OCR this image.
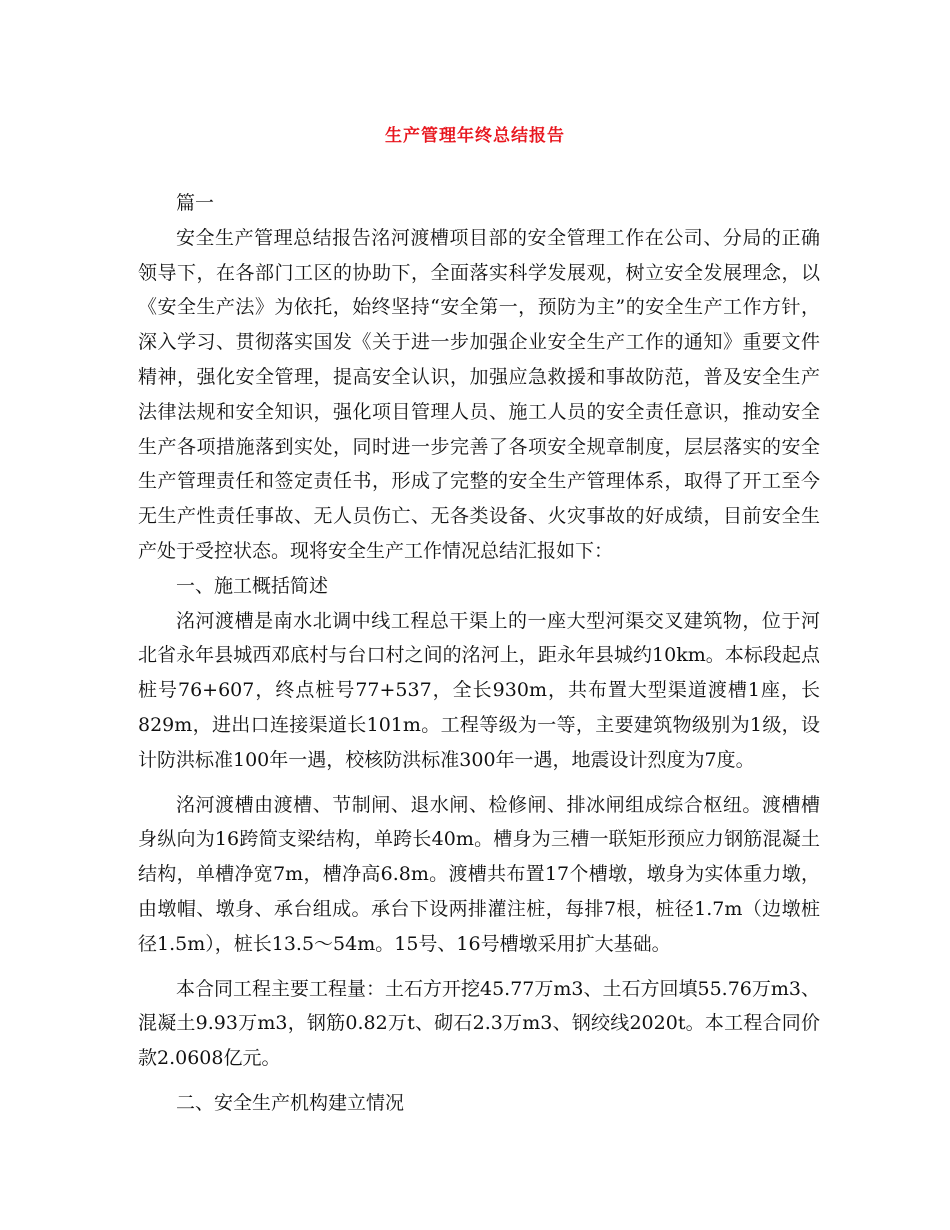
生产管理年终总结报告

篇一

安全生产管理总结报告洺河渡槽项目部的安全管理工作在公司、分局的正确领导下，在各部门工区的协助下，全面落实科学发展观，树立安全发展理念，以《安全生产法》为依托，始终坚持“安全第一，预防为主”的安全生产工作方针，深入学习、贯彻落实国发《关于进一步加强企业安全生产工作的通知》重要文件精神，强化安全管理，提高安全认识，加强应急救援和事故防范，普及安全生产法律法规和安全知识，强化项目管理人员、施工人员的安全责任意识，推动安全生产各项措施落到实处，同时进一步完善了各项安全规章制度，层层落实的安全生产管理责任和签定责任书，形成了完整的安全生产管理体系，取得了开工至今无生产性责任事故、无人员伤亡、无各类设备、火灾事故的好成绩，目前安全生产处于受控状态。现将安全生产工作情况总结汇报如下：

一、施工概括简述

洺河渡槽是南水北调中线工程总干渠上的一座大型河渠交叉建筑物，位于河北省永年县城西邓底村与台口村之间的洺河上，距永年县城约10km。本标段起点桩号76+607，终点桩号77+537，全长930m，共布置大型渠道渡槽1座，长829m，进出口连接渠道长101m。工程等级为一等，主要建筑物级别为1级，设计防洪标准100年一遇，校核防洪标准300年一遇，地震设计烈度为7度。

洺河渡槽由渡槽、节制闸、退水闸、检修闸、排冰闸组成综合枢纽。渡槽槽身纵向为16跨简支梁结构，单跨长40m。槽身为三槽一联矩形预应力钢筋混凝土结构，单槽净宽7m，槽净高6.8m。渡槽共布置17个槽墩，墩身为实体重力墩，由墩帽、墩身、承台组成。承台下设两排灌注桩，每排7根，桩径1.7m（边墩桩径1.5m），桩长13.5～54m。15号、16号槽墩采用扩大基础。

本合同工程主要工程量：土石方开挖45.77万m3、土石方回填55.76万m3、混凝土9.93万m3，钢筋0.82万t、砌石2.3万m3、钢绞线2020t。本工程合同价款2.0608亿元。

二、安全生产机构建立情况
